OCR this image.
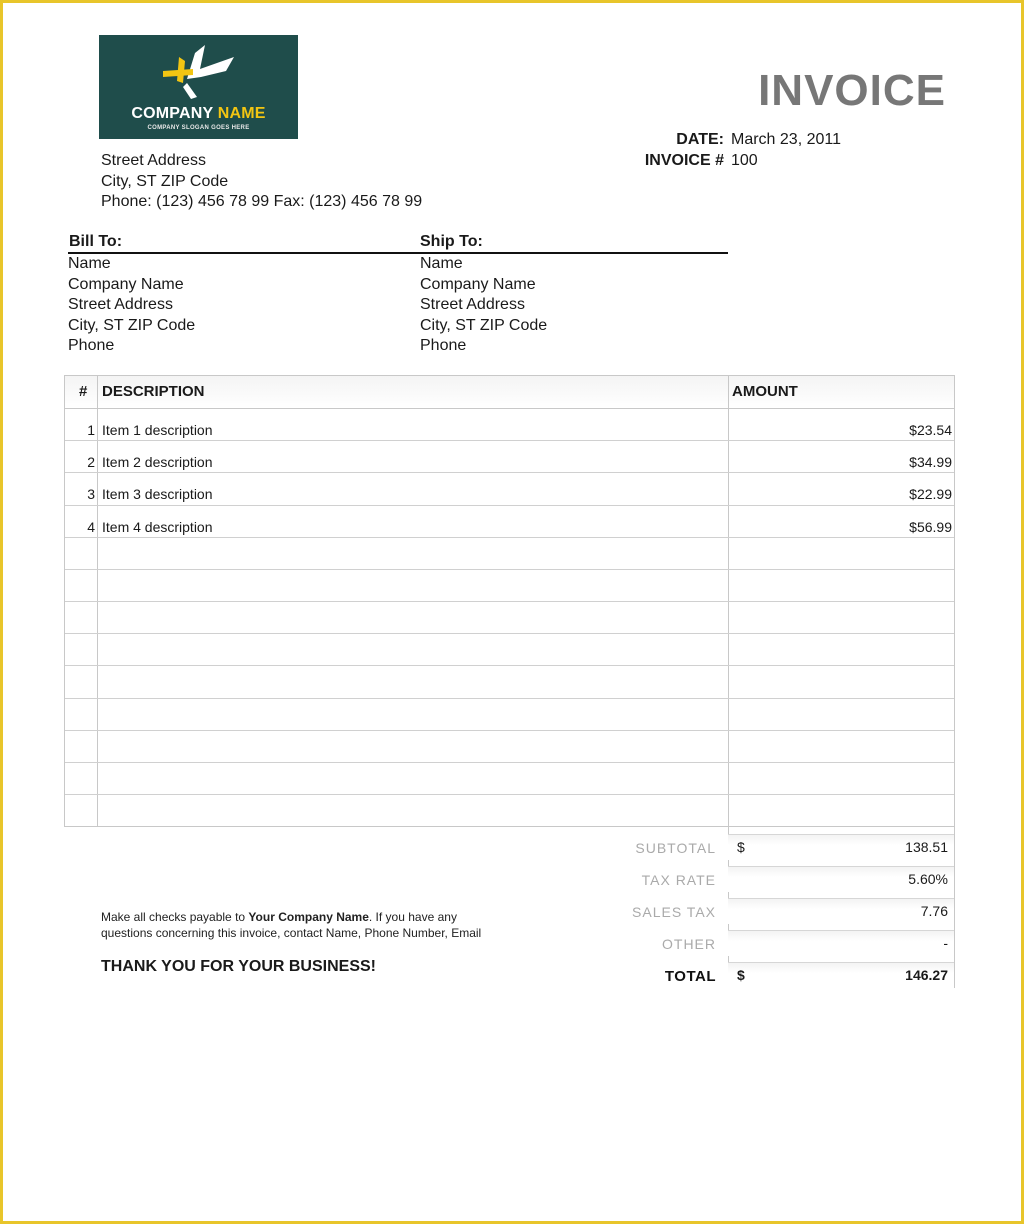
COMPANY NAME
COMPANY SLOGAN GOES HERE
INVOICE
DATE: March 23, 2011
INVOICE # 100
Street Address
City, ST ZIP Code
Phone: (123) 456 78 99 Fax: (123) 456 78 99
Bill To:	Ship To:
Name
Company Name
Street Address
City, ST ZIP Code
Phone
Name
Company Name
Street Address
City, ST ZIP Code
Phone
# DESCRIPTION	AMOUNT
1 Item 1 description	$23.54
2 Item 2 description	$34.99
3 Item 3 description	$22.99
4 Item 4 description	$56.99
SUBTOTAL $	138.51
TAX RATE	5.60%
SALES TAX	7.76
OTHER	-
TOTAL $	146.27
Make all checks payable to Your Company Name. If you have any
questions concerning this invoice, contact Name, Phone Number, Email
THANK YOU FOR YOUR BUSINESS!
